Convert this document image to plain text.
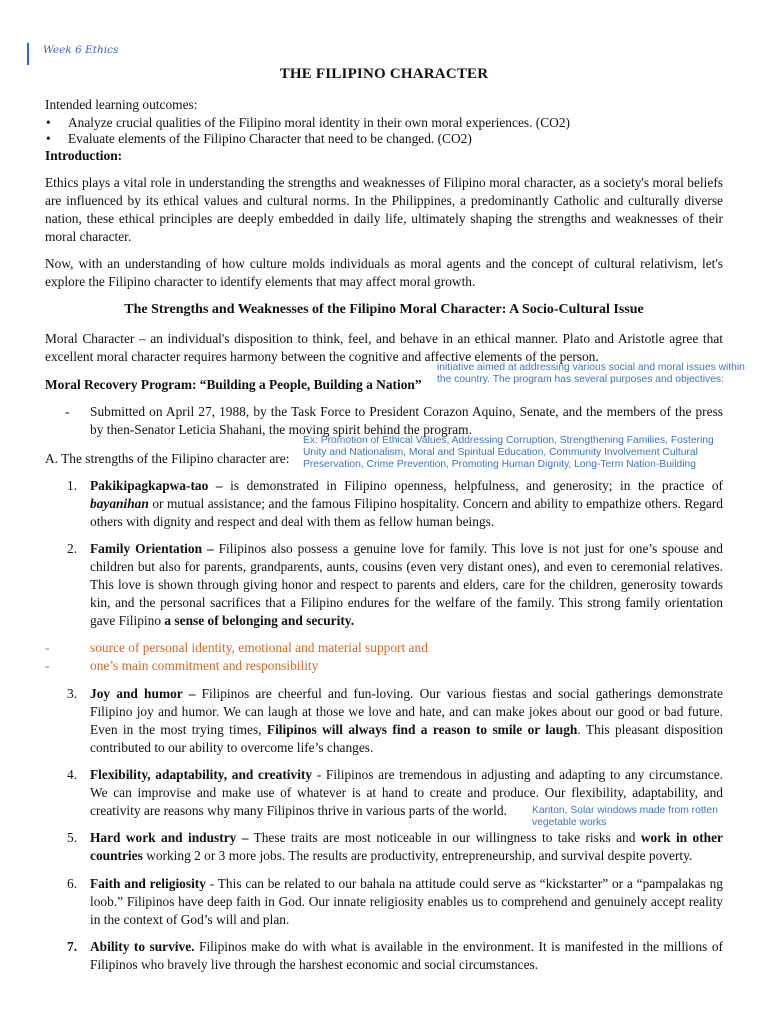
Week 6 Ethics
THE FILIPINO CHARACTER
Intended learning outcomes:
• Analyze crucial qualities of the Filipino moral identity in their own moral experiences. (CO2)
• Evaluate elements of the Filipino Character that need to be changed. (CO2)
Introduction:
Ethics plays a vital role in understanding the strengths and weaknesses of Filipino moral character, as a society's moral beliefs are influenced by its ethical values and cultural norms. In the Philippines, a predominantly Catholic and culturally diverse nation, these ethical principles are deeply embedded in daily life, ultimately shaping the strengths and weaknesses of their moral character.
Now, with an understanding of how culture molds individuals as moral agents and the concept of cultural relativism, let's explore the Filipino character to identify elements that may affect moral growth.
The Strengths and Weaknesses of the Filipino Moral Character: A Socio-Cultural Issue
Moral Character – an individual's disposition to think, feel, and behave in an ethical manner. Plato and Aristotle agree that excellent moral character requires harmony between the cognitive and affective elements of the person.
Moral Recovery Program: “Building a People, Building a Nation”
- Submitted on April 27, 1988, by the Task Force to President Corazon Aquino, Senate, and the members of the press by then-Senator Leticia Shahani, the moving spirit behind the program.
A. The strengths of the Filipino character are:
1. Pakikipagkapwa-tao – is demonstrated in Filipino openness, helpfulness, and generosity; in the practice of bayanihan or mutual assistance; and the famous Filipino hospitality. Concern and ability to empathize others. Regard others with dignity and respect and deal with them as fellow human beings.
2. Family Orientation – Filipinos also possess a genuine love for family. This love is not just for one’s spouse and children but also for parents, grandparents, aunts, cousins (even very distant ones), and even to ceremonial relatives. This love is shown through giving honor and respect to parents and elders, care for the children, generosity towards kin, and the personal sacrifices that a Filipino endures for the welfare of the family. This strong family orientation gave Filipino a sense of belonging and security.
-	source of personal identity, emotional and material support and
-	one’s main commitment and responsibility
3. Joy and humor – Filipinos are cheerful and fun-loving. Our various fiestas and social gatherings demonstrate Filipino joy and humor. We can laugh at those we love and hate, and can make jokes about our good or bad future. Even in the most trying times, Filipinos will always find a reason to smile or laugh. This pleasant disposition contributed to our ability to overcome life’s changes.
4. Flexibility, adaptability, and creativity - Filipinos are tremendous in adjusting and adapting to any circumstance. We can improvise and make use of whatever is at hand to create and produce. Our flexibility, adaptability, and creativity are reasons why many Filipinos thrive in various parts of the world.
5. Hard work and industry – These traits are most noticeable in our willingness to take risks and work in other countries working 2 or 3 more jobs. The results are productivity, entrepreneurship, and survival despite poverty.
6. Faith and religiosity - This can be related to our bahala na attitude could serve as “kickstarter” or a “pampalakas ng loob.” Filipinos have deep faith in God. Our innate religiosity enables us to comprehend and genuinely accept reality in the context of God’s will and plan.
7. Ability to survive. Filipinos make do with what is available in the environment. It is manifested in the millions of Filipinos who bravely live through the harshest economic and social circumstances.
initiative aimed at addressing various social and moral issues within the country. The program has several purposes and objectives:
Ex: Promotion of Ethical Values, Addressing Corruption, Strengthening Families, Fostering Unity and Nationalism, Moral and Spiritual Education, Community Involvement Cultural Preservation, Crime Prevention, Promoting Human Dignity, Long-Term Nation-Building
Kariton, Solar windows made from rotten vegetable works
